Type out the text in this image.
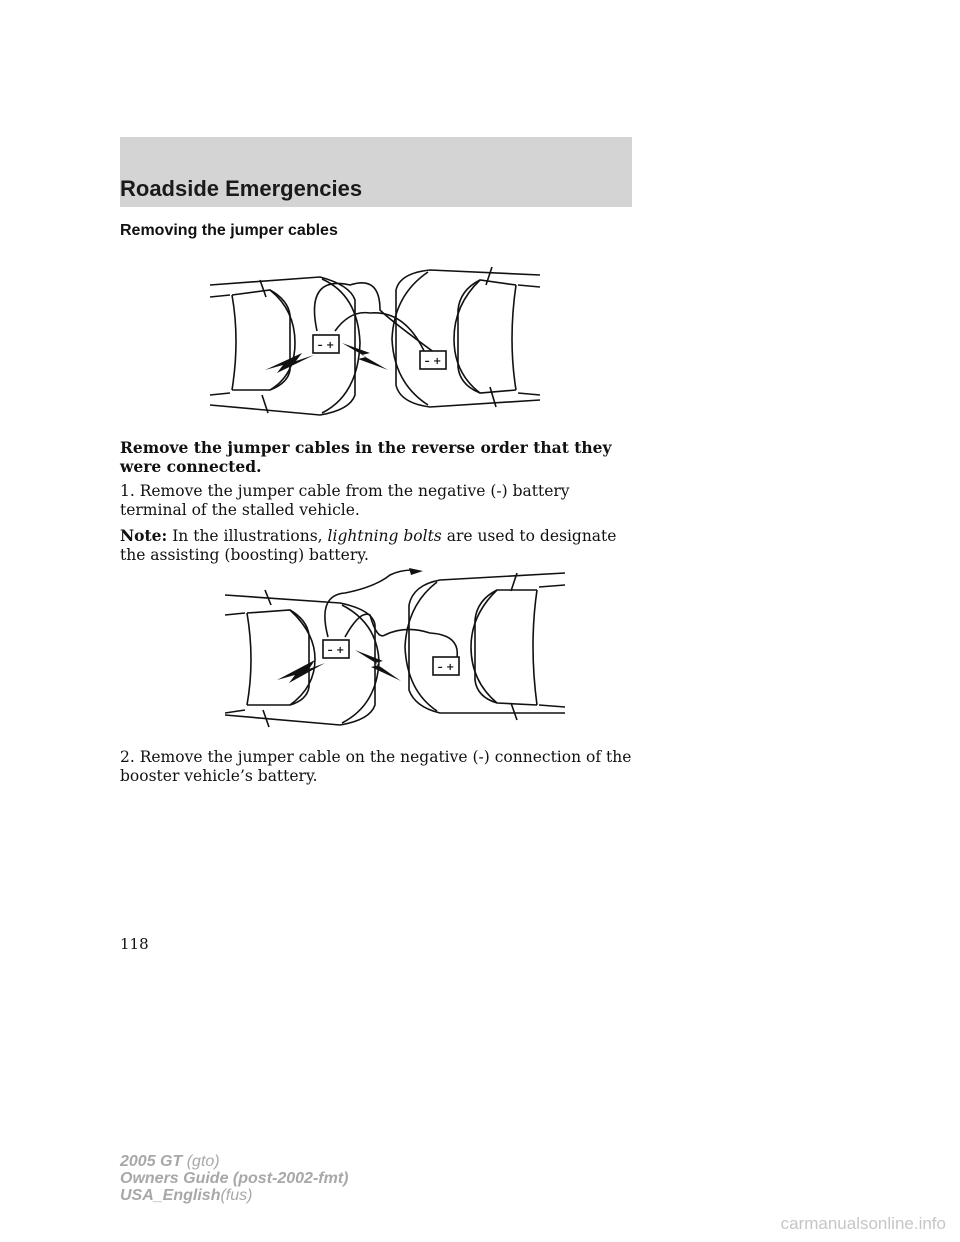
Roadside Emergencies
Removing the jumper cables
– +
– +
Remove the jumper cables in the reverse order that they were connected.
1. Remove the jumper cable from the negative (-) battery terminal of the stalled vehicle.
Note: In the illustrations, lightning bolts are used to designate the assisting (boosting) battery.
– +
– +
2. Remove the jumper cable on the negative (-) connection of the booster vehicle’s battery.
118
2005 GT (gto)
Owners Guide (post-2002-fmt)
USA_English(fus)
carmanualsonline.info
